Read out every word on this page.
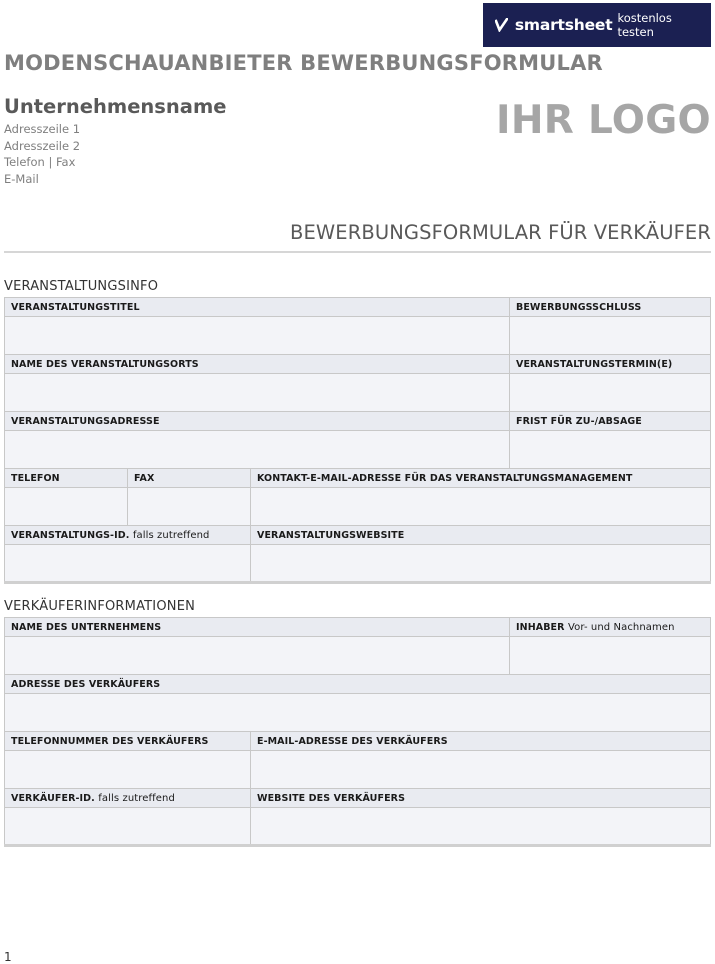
smartsheet kostenlos testen
MODENSCHAUANBIETER BEWERBUNGSFORMULAR
Unternehmensname
Adresszeile 1
Adresszeile 2
Telefon | Fax
E-Mail
IHR LOGO
BEWERBUNGSFORMULAR FÜR VERKÄUFER
VERANSTALTUNGSINFO
VERANSTALTUNGSTITEL			BEWERBUNGSSCHLUSS

NAME DES VERANSTALTUNGSORTS			VERANSTALTUNGSTERMIN(E)

VERANSTALTUNGSADRESSE			FRIST FÜR ZU-/ABSAGE

TELEFON	FAX	KONTAKT-E-MAIL-ADRESSE FÜR DAS VERANSTALTUNGSMANAGEMENT	

VERANSTALTUNGS-ID. falls zutreffend		VERANSTALTUNGSWEBSITE	

VERKÄUFERINFORMATIONEN
NAME DES UNTERNEHMENS		INHABER Vor- und Nachnamen

ADRESSE DES VERKÄUFERS		

TELEFONNUMMER DES VERKÄUFERS	E-MAIL-ADRESSE DES VERKÄUFERS	

VERKÄUFER-ID. falls zutreffend	WEBSITE DES VERKÄUFERS	

1
